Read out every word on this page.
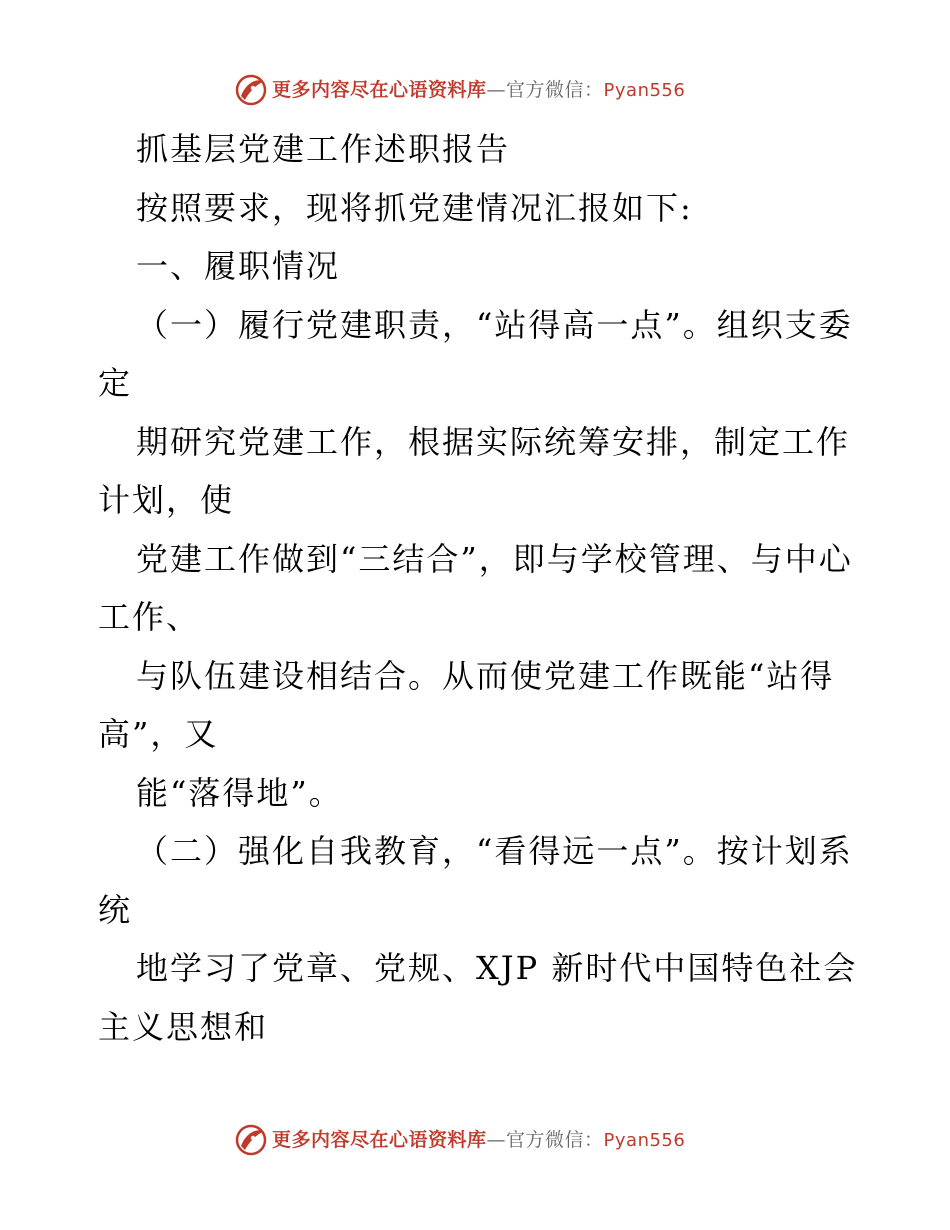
更多内容尽在心语资料库—官方微信：Pyan556

抓基层党建工作述职报告

按照要求，现将抓党建情况汇报如下:

一、履职情况

（一）履行党建职责，“站得高一点”。组织支委定

期研究党建工作，根据实际统筹安排，制定工作计划，使

党建工作做到“三结合”，即与学校管理、与中心工作、

与队伍建设相结合。从而使党建工作既能“站得高”，又

能“落得地”。

（二）强化自我教育，“看得远一点”。按计划系统

地学习了党章、党规、XJP 新时代中国特色社会主义思想和

更多内容尽在心语资料库—官方微信：Pyan556
